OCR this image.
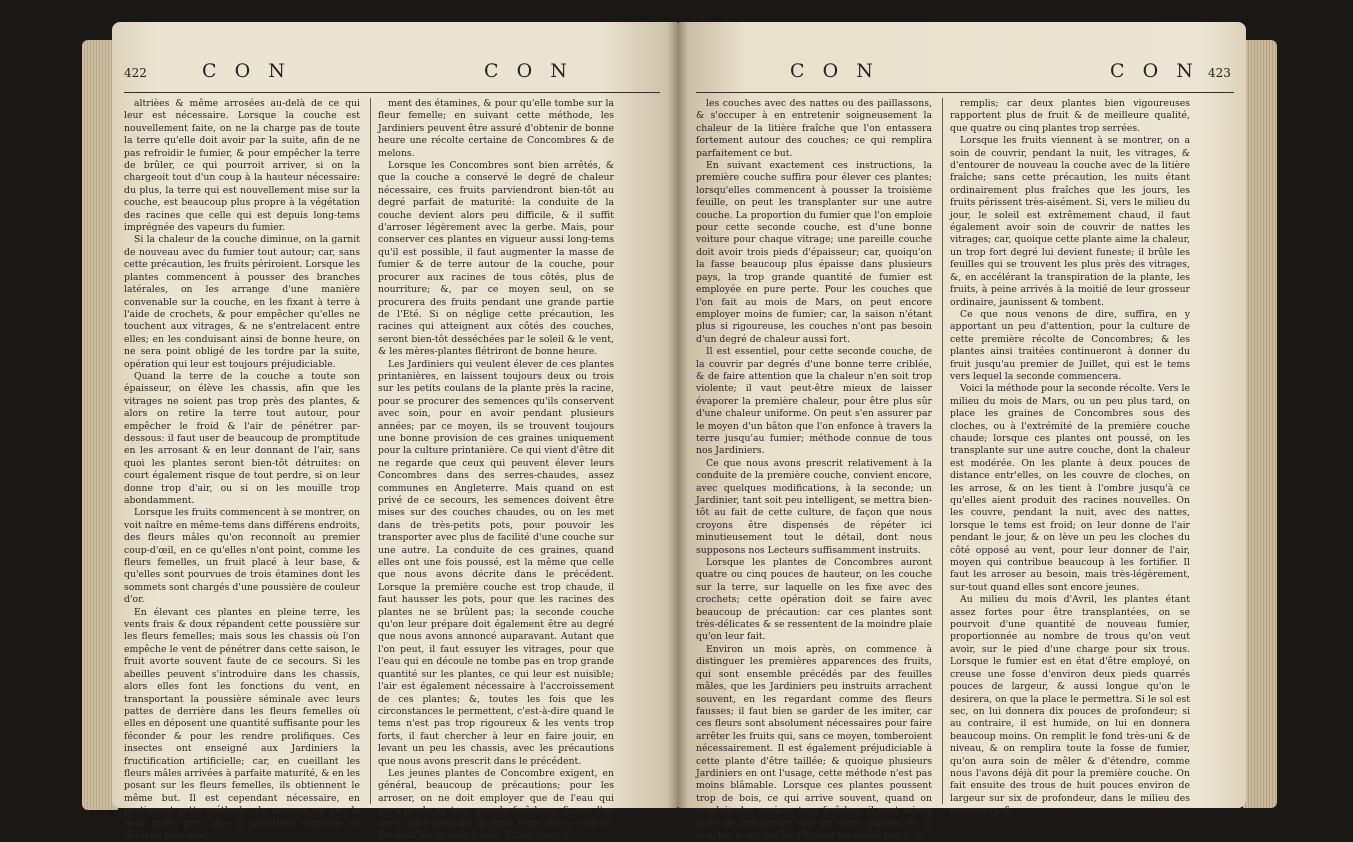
422	C O N	C O N

altrièes & même arrosées au-delà de ce qui leur est nécessaire. Lorsque la couche est nouvellement faite, on ne la charge pas de toute la terre qu'elle doit avoir par la suite, afin de ne pas refroidir le fumier, & pour empêcher la terre de brûler, ce qui pourroit arriver, si on la chargeoit tout d'un coup à la hauteur nécessaire: du plus, la terre qui est nouvellement mise sur la couche, est beaucoup plus propre à la végétation des racines que celle qui est depuis long-tems imprégnée des vapeurs du fumier.

Si la chaleur de la couche diminue, on la garnit de nouveau avec du fumier tout autour; car, sans cette précaution, les fruits périroient. Lorsque les plantes commencent à pousser des branches latérales, on les arrange d'une manière convenable sur la couche, en les fixant à terre à l'aide de crochets, & pour empêcher qu'elles ne touchent aux vitrages, & ne s'entrelacent entre elles; en les conduisant ainsi de bonne heure, on ne sera point obligé de les tordre par la suite, opération qui leur est toujours préjudiciable.

Quand la terre de la couche a toute son épaisseur, on élève les chassis, afin que les vitrages ne soient pas trop près des plantes, & alors on retire la terre tout autour, pour empêcher le froid & l'air de pénétrer par-dessous: il faut user de beaucoup de promptitude en les arrosant & en leur donnant de l'air, sans quoi les plantes seront bien-tôt détruites: on court également risque de tout perdre, si on leur donne trop d'air, ou si on les mouille trop abondamment.

Lorsque les fruits commencent à se montrer, on voit naître en même-tems dans différens endroits, des fleurs mâles qu'on reconnoît au premier coup-d'œil, en ce qu'elles n'ont point, comme les fleurs femelles, un fruit placé à leur base, & qu'elles sont pourvues de trois étamines dont les sommets sont chargés d'une poussière de couleur d'or.

En élevant ces plantes en pleine terre, les vents frais & doux répandent cette poussière sur les fleurs femelles; mais sous les chassis où l'on empêche le vent de pénétrer dans cette saison, le fruit avorte souvent faute de ce secours. Si les abeilles peuvent s'introduire dans les chassis, alors elles font les fonctions du vent, en transportant la poussière séminale avec leurs pattes de derrière dans les fleurs femelles où elles en déposent une quantité suffisante pour les féconder & pour les rendre prolifiques. Ces insectes ont enseigné aux Jardiniers la fructification artificielle; car, en cueillant les fleurs mâles arrivées à parfaite maturité, & en les posant sur les fleurs femelles, ils obtiennent le même but. Il est cependant nécessaire, en pratiquant cette méthode, de secouer un peu la fleur mâle, pour que la poussière séminale se détache plus aisé-

ment des étamines, & pour qu'elle tombe sur la fleur femelle; en suivant cette méthode, les Jardiniers peuvent être assuré d'obtenir de bonne heure une récolte certaine de Concombres & de melons.

Lorsque les Concombres sont bien arrêtés, & que la couche a conservé le degré de chaleur nécessaire, ces fruits parviendront bien-tôt au degré parfait de maturité: la conduite de la couche devient alors peu difficile, & il suffit d'arroser légèrement avec la gerbe. Mais, pour conserver ces plantes en vigueur aussi long-tems qu'il est possible, il faut augmenter la masse de fumier & de terre autour de la couche, pour procurer aux racines de tous côtés, plus de nourriture; &, par ce moyen seul, on se procurera des fruits pendant une grande partie de l'Eté. Si on néglige cette précaution, les racines qui atteignent aux côtés des couches, seront bien-tôt desséchées par le soleil & le vent, & les mères-plantes flétriront de bonne heure.

Les Jardiniers qui veulent élever de ces plantes printanières, en laissent toujours deux ou trois sur les petits coulans de la plante près la racine, pour se procurer des semences qu'ils conservent avec soin, pour en avoir pendant plusieurs années; par ce moyen, ils se trouvent toujours une bonne provision de ces graines uniquement pour la culture printanière. Ce qui vient d'être dit ne regarde que ceux qui peuvent élever leurs Concombres dans des serres-chaudes, assez communes en Angleterre. Mais quand on est privé de ce secours, les semences doivent être mises sur des couches chaudes, ou on les met dans de très-petits pots, pour pouvoir les transporter avec plus de facilité d'une couche sur une autre. La conduite de ces graines, quand elles ont une fois poussé, est la même que celle que nous avons décrite dans le précédent. Lorsque la première couche est trop chaude, il faut hausser les pots, pour que les racines des plantes ne se brûlent pas; la seconde couche qu'on leur prépare doit également être au degré que nous avons annoncé auparavant. Autant que l'on peut, il faut essuyer les vitrages, pour que l'eau qui en découle ne tombe pas en trop grande quantité sur les plantes, ce qui leur est nuisible; l'air est également nécessaire à l'accroissement de ces plantes; &, toutes les fois que les circonstances le permettent, c'est-à-dire quand le tems n'est pas trop rigoureux & les vents trop forts, il faut chercher à leur en faire jouir, en levant un peu les chassis, avec les précautions que nous avons prescrit dans le précédent.

Les jeunes plantes de Concombre exigent, en général, beaucoup de précautions; pour les arroser, on ne doit employer que de l'eau qui aura perdu sa trop grande fraîcheur, & que l'on aura placé pendant quelque tems sur la couche. Pendant les grands froids, il faut couvrir

C O N	C O N 423

les couches avec des nattes ou des paillassons, & s'occuper à en entretenir soigneusement la chaleur de la litière fraîche que l'on entassera fortement autour des couches; ce qui remplira parfaitement ce but.

En suivant exactement ces instructions, la première couche suffira pour élever ces plantes; lorsqu'elles commencent à pousser la troisième feuille, on peut les transplanter sur une autre couche. La proportion du fumier que l'on emploie pour cette seconde couche, est d'une bonne voiture pour chaque vitrage; une pareille couche doit avoir trois pieds d'épaisseur; car, quoiqu'on la fasse beaucoup plus épaisse dans plusieurs pays, la trop grande quantité de fumier est employée en pure perte. Pour les couches que l'on fait au mois de Mars, on peut encore employer moins de fumier; car, la saison n'étant plus si rigoureuse, les couches n'ont pas besoin d'un degré de chaleur aussi fort.

Il est essentiel, pour cette seconde couche, de la couvrir par degrés d'une bonne terre criblée, & de faire attention que la chaleur n'en soit trop violente; il vaut peut-être mieux de laisser évaporer la première chaleur, pour être plus sûr d'une chaleur uniforme. On peut s'en assurer par le moyen d'un bâton que l'on enfonce à travers la terre jusqu'au fumier; méthode connue de tous nos Jardiniers.

Ce que nous avons prescrit relativement à la conduite de la première couche, convient encore, avec quelques modifications, à la seconde; un Jardinier, tant soit peu intelligent, se mettra bien-tôt au fait de cette culture, de façon que nous croyons être dispensés de répéter ici minutieusement tout le détail, dont nous supposons nos Lecteurs suffisamment instruits.

Lorsque les plantes de Concombres auront quatre ou cinq pouces de hauteur, on les couche sur la terre, sur laquelle on les fixe avec des crochets; cette opération doit se faire avec beaucoup de précaution: car ces plantes sont très-délicates & se ressentent de la moindre plaie qu'on leur fait.

Environ un mois après, on commence à distinguer les premières apparences des fruits, qui sont ensemble précédés par des feuilles mâles, que les Jardiniers peu instruits arrachent souvent, en les regardant comme des fleurs fausses; il faut bien se garder de les imiter, car ces fleurs sont absolument nécessaires pour faire arrêter les fruits qui, sans ce moyen, tomberoient nécessairement. Il est également préjudiciable à cette plante d'être taillée; & quoique plusieurs Jardiniers en ont l'usage, cette méthode n'est pas moins blâmable. Lorsque ces plantes poussent trop de bois, ce qui arrive souvent, quand on emploie des graines trop fraîches, il vaut mieux alors de retrancher une ou deux plantes de la couche, pour que les vitrages ne soient pas trop

remplis; car deux plantes bien vigoureuses rapportent plus de fruit & de meilleure qualité, que quatre ou cinq plantes trop serrées.

Lorsque les fruits viennent à se montrer, on a soin de couvrir, pendant la nuit, les vitrages, & d'entourer de nouveau la couche avec de la litière fraîche; sans cette précaution, les nuits étant ordinairement plus fraîches que les jours, les fruits périssent très-aisément. Si, vers le milieu du jour, le soleil est extrêmement chaud, il faut également avoir soin de couvrir de nattes les vitrages; car, quoique cette plante aime la chaleur, un trop fort degré lui devient funeste; il brûle les feuilles qui se trouvent les plus près des vitrages, &, en accélérant la transpiration de la plante, les fruits, à peine arrivés à la moitié de leur grosseur ordinaire, jaunissent & tombent.

Ce que nous venons de dire, suffira, en y apportant un peu d'attention, pour la culture de cette première récolte de Concombres; & les plantes ainsi traitées continueront à donner du fruit jusqu'au premier de Juillet, qui est le tems vers lequel la seconde commencera.

Voici la méthode pour la seconde récolte. Vers le milieu du mois de Mars, ou un peu plus tard, on place les graines de Concombres sous des cloches, ou à l'extrémité de la première couche chaude; lorsque ces plantes ont poussé, on les transplante sur une autre couche, dont la chaleur est modérée. On les plante à deux pouces de distance entr'elles, on les couvre de cloches, on les arrose, & on les tient à l'ombre jusqu'à ce qu'elles aient produit des racines nouvelles. On les couvre, pendant la nuit, avec des nattes, lorsque le tems est froid; on leur donne de l'air pendant le jour, & on lève un peu les cloches du côté opposé au vent, pour leur donner de l'air, moyen qui contribue beaucoup à les fortifier. Il faut les arroser au besoin, mais très-légèrement, sur-tout quand elles sont encore jeunes.

Au milieu du mois d'Avril, les plantes étant assez fortes pour être transplantées, on se pourvoit d'une quantité de nouveau fumier, proportionnée au nombre de trous qu'on veut avoir, sur le pied d'une charge pour six trous. Lorsque le fumier est en état d'être employé, on creuse une fosse d'environ deux pieds quarrés pouces de largeur, & aussi longue qu'on le desirera, on que la place le permettra. Si le sol est sec, on lui donnera dix pouces de profondeur; si au contraire, il est humide, on lui en donnera beaucoup moins. On remplit le fond très-uni & de niveau, & on remplira toute la fosse de fumier, qu'on aura soin de mêler & d'étendre, comme nous l'avons déjà dit pour la première couche. On fait ensuite des trous de huit pouces environ de largeur sur six de profondeur, dans le milieu des monceaux, &
